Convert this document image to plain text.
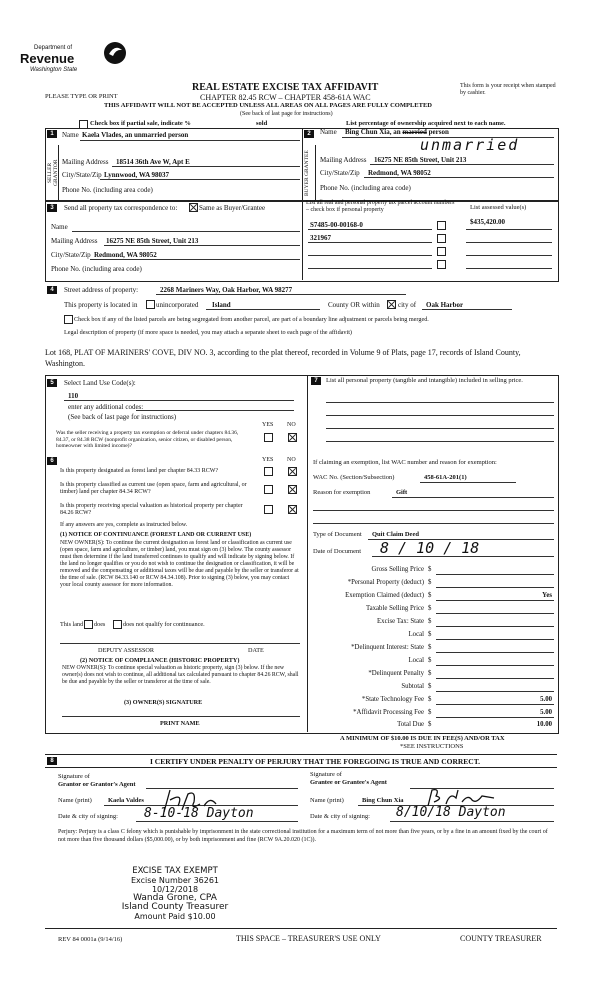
Department of
Revenue
Washington State
PLEASE TYPE OR PRINT
REAL ESTATE EXCISE TAX AFFIDAVIT
CHAPTER 82.45 RCW – CHAPTER 458-61A WAC
THIS AFFIDAVIT WILL NOT BE ACCEPTED UNLESS ALL AREAS ON ALL PAGES ARE FULLY COMPLETED
(See back of last page for instructions)
This form is your receipt when stamped by cashier.
Check box if partial sale, indicate %	sold	List percentage of ownership acquired next to each name.
1	2
SELLER GRANTOR
Name Kaela Vlades, an unmarried person
Mailing Address 18514 36th Ave W, Apt E
City/State/Zip Lynnwood, WA 98037
Phone No. (including area code)	BUYER GRANTEE
Name Bing Chun Xia, an married person
unmarried
Mailing Address 16275 NE 85th Street, Unit 213
City/State/Zip Redmond, WA 98052
Phone No. (including area code)
3	Send all property tax correspondence to:	Same as Buyer/Grantee
Name
Mailing Address 16275 NE 85th Street, Unit 213
City/State/Zip Redmond, WA 98052
Phone No. (including area code)
List all real and personal property tax parcel account numbers – check box if personal property	List assessed value(s)
S7485-00-00168-0	$435,420.00
321967
4	Street address of property:	2268 Mariners Way, Oak Harbor, WA 98277
This property is located in	unincorporated Island	County OR within	city of Oak Harbor
Check box if any of the listed parcels are being segregated from another parcel, are part of a boundary line adjustment or parcels being merged.
Legal description of property (if more space is needed, you may attach a separate sheet to each page of the affidavit)
Lot 168, PLAT OF MARINERS' COVE, DIV NO. 3, according to the plat thereof, recorded in Volume 9 of Plats, page 17, records of Island County, Washington.
5	Select Land Use Code(s):
110
enter any additional codes:
(See back of last page for instructions)
YES NO
Was the seller receiving a property tax exemption or deferral under chapters 84.36, 84.37, or 84.38 RCW (nonprofit organization, senior citizen, or disabled person, homeowner with limited income)?
6	YES NO
Is this property designated as forest land per chapter 84.33 RCW?
Is this property classified as current use (open space, farm and agricultural, or timber) land per chapter 84.34 RCW?
Is this property receiving special valuation as historical property per chapter 84.26 RCW?
If any answers are yes, complete as instructed below.
(1) NOTICE OF CONTINUANCE (FOREST LAND OR CURRENT USE)
NEW OWNER(S): To continue the current designation as forest land or classification as current use (open space, farm and agriculture, or timber) land, you must sign on (3) below. The county assessor must then determine if the land transferred continues to qualify and will indicate by signing below. If the land no longer qualifies or you do not wish to continue the designation or classification, it will be removed and the compensating or additional taxes will be due and payable by the seller or transferor at the time of sale. (RCW 84.33.140 or RCW 84.34.108). Prior to signing (3) below, you may contact your local county assessor for more information.
This land does	does not qualify for continuance.
DEPUTY ASSESSOR	DATE
(2) NOTICE OF COMPLIANCE (HISTORIC PROPERTY)
NEW OWNER(S): To continue special valuation as historic property, sign (3) below. If the new owner(s) does not wish to continue, all additional tax calculated pursuant to chapter 84.26 RCW, shall be due and payable by the seller or transferor at the time of sale.
(3) OWNER(S) SIGNATURE
PRINT NAME
7	List all personal property (tangible and intangible) included in selling price.
If claiming an exemption, list WAC number and reason for exemption:
WAC No. (Section/Subsection)	458-61A-201(1)
Reason for exemption	Gift
Type of Document Quit Claim Deed
Date of Document 8 / 10 / 18
Gross Selling Price $
*Personal Property (deduct) $
Exemption Claimed (deduct) $	Yes
Taxable Selling Price $
Excise Tax: State $
Local $
*Delinquent Interest: State $
Local $
*Delinquent Penalty $
Subtotal $
*State Technology Fee $	5.00
*Affidavit Processing Fee $	5.00
Total Due $	10.00
A MINIMUM OF $10.00 IS DUE IN FEE(S) AND/OR TAX
*SEE INSTRUCTIONS
8	I CERTIFY UNDER PENALTY OF PERJURY THAT THE FOREGOING IS TRUE AND CORRECT.
Signature of
Grantor or Grantor's Agent
Name (print) Kaela Valdes
Date & city of signing: 8-10-18 Dayton
Signature of
Grantee or Grantee's Agent
Name (print)	Bing Chun Xia
Date & city of signing: 8/10/18 Dayton
Perjury: Perjury is a class C felony which is punishable by imprisonment in the state correctional institution for a maximum term of not more than five years, or by a fine in an amount fixed by the court of not more than five thousand dollars ($5,000.00), or by both imprisonment and fine (RCW 9A.20.020 (1C)).
EXCISE TAX EXEMPT
Excise Number 36261
10/12/2018
Wanda Grone, CPA
Island County Treasurer
Amount Paid $10.00
REV 84 0001a (9/14/16)	THIS SPACE – TREASURER'S USE ONLY	COUNTY TREASURER
